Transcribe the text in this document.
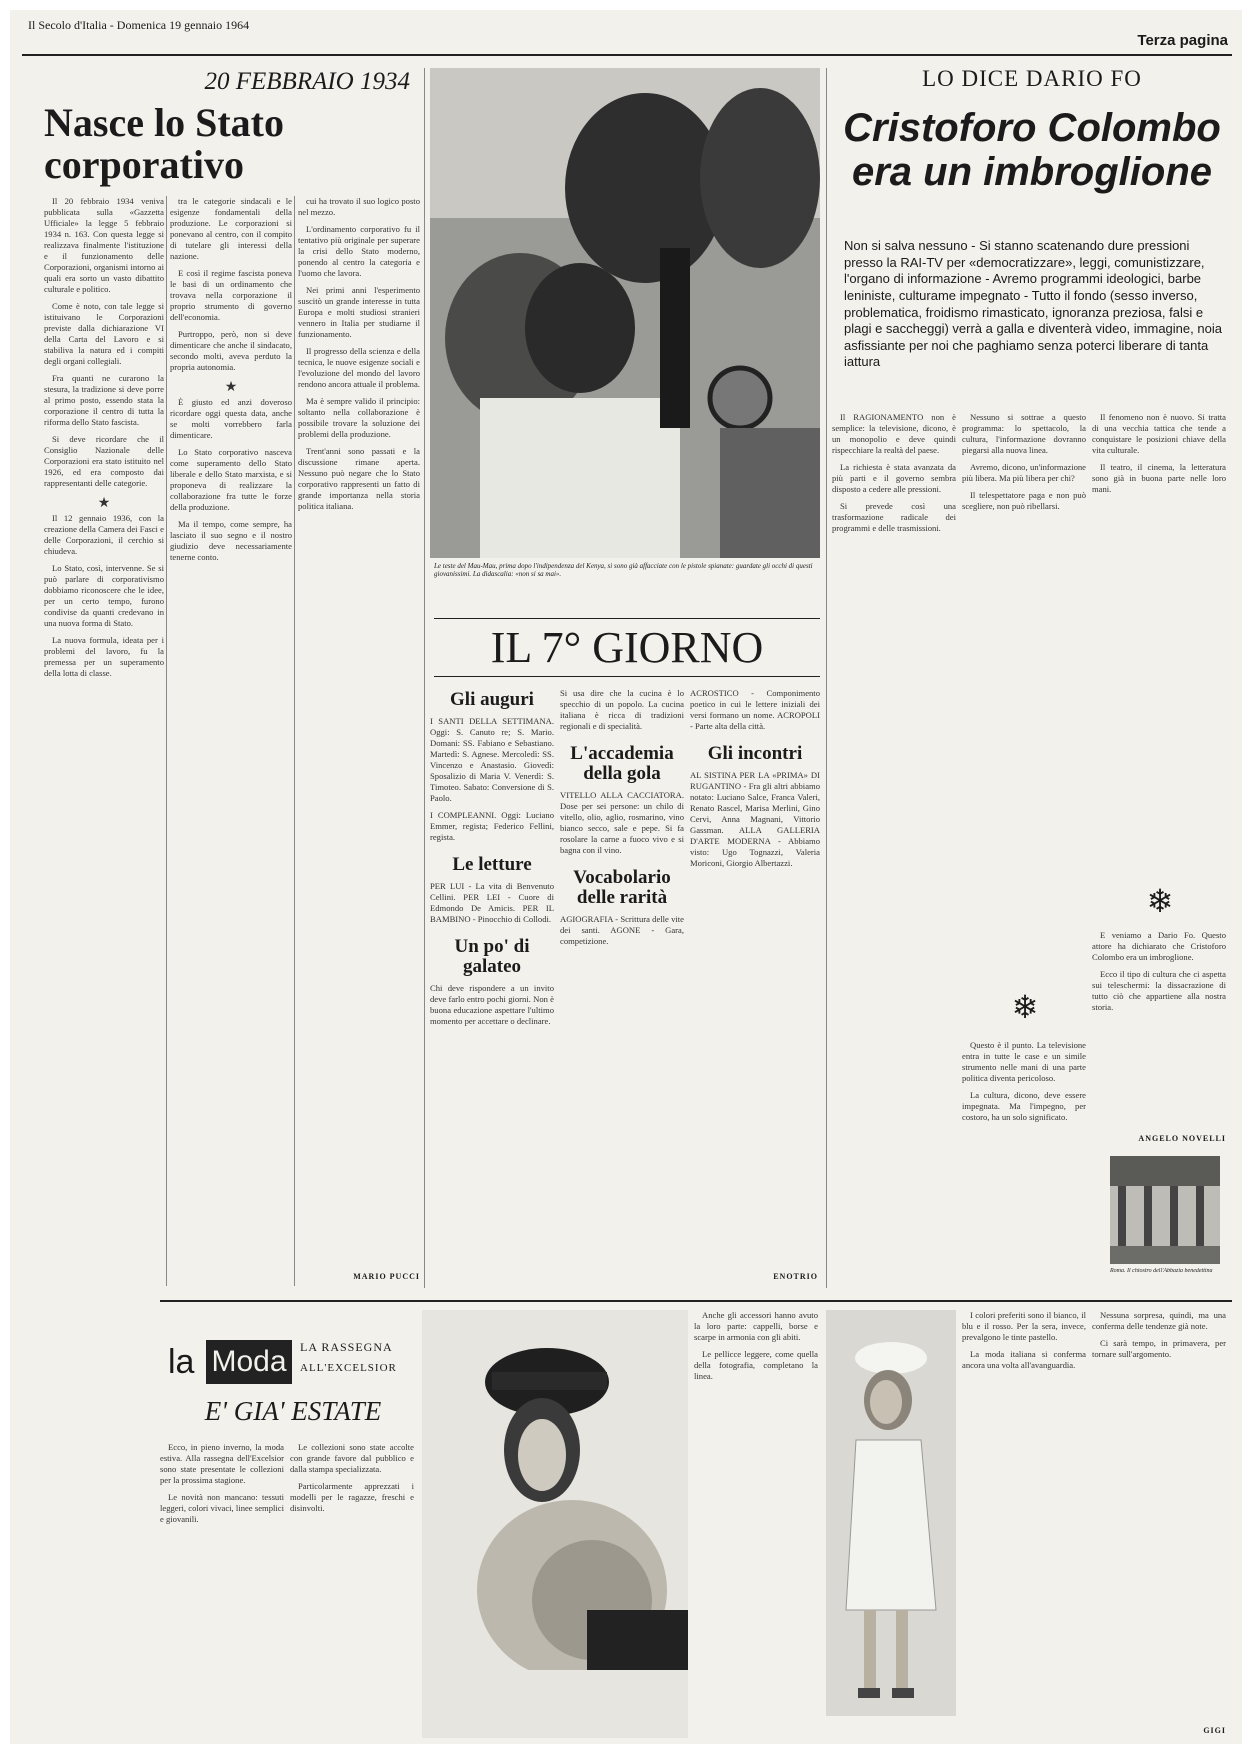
Il Secolo d'Italia - Domenica 19 gennaio 1964
Terza pagina
20 FEBBRAIO 1934
Nasce lo Stato corporativo

Il 20 febbraio 1934 veniva pubblicata sulla «Gazzetta Ufficiale» la legge 5 febbraio 1934 n. 163. Con questa legge si realizzava finalmente l'istituzione e il funzionamento delle Corporazioni, organismi intorno ai quali era sorto un vasto dibattito culturale e politico.

Come è noto, con tale legge si istituivano le Corporazioni previste dalla dichiarazione VI della Carta del Lavoro e si stabiliva la natura ed i compiti degli organi collegiali.

Fra quanti ne curarono la stesura, la tradizione si deve porre al primo posto, essendo stata la corporazione il centro di tutta la riforma dello Stato fascista.

Si deve ricordare che il Consiglio Nazionale delle Corporazioni era stato istituito nel 1926, ed era composto dai rappresentanti delle categorie.

★

Il 12 gennaio 1936, con la creazione della Camera dei Fasci e delle Corporazioni, il cerchio si chiudeva.

Lo Stato, così, intervenne. Se si può parlare di corporativismo dobbiamo riconoscere che le idee, per un certo tempo, furono condivise da quanti credevano in una nuova forma di Stato.

La nuova formula, ideata per i problemi del lavoro, fu la premessa per un superamento della lotta di classe.

tra le categorie sindacali e le esigenze fondamentali della produzione. Le corporazioni si ponevano al centro, con il compito di tutelare gli interessi della nazione.

E così il regime fascista poneva le basi di un ordinamento che trovava nella corporazione il proprio strumento di governo dell'economia.

Purtroppo, però, non si deve dimenticare che anche il sindacato, secondo molti, aveva perduto la propria autonomia.

★

È giusto ed anzi doveroso ricordare oggi questa data, anche se molti vorrebbero farla dimenticare.

Lo Stato corporativo nasceva come superamento dello Stato liberale e dello Stato marxista, e si proponeva di realizzare la collaborazione fra tutte le forze della produzione.

Ma il tempo, come sempre, ha lasciato il suo segno e il nostro giudizio deve necessariamente tenerne conto.

cui ha trovato il suo logico posto nel mezzo.

L'ordinamento corporativo fu il tentativo più originale per superare la crisi dello Stato moderno, ponendo al centro la categoria e l'uomo che lavora.

Nei primi anni l'esperimento suscitò un grande interesse in tutta Europa e molti studiosi stranieri vennero in Italia per studiarne il funzionamento.

Il progresso della scienza e della tecnica, le nuove esigenze sociali e l'evoluzione del mondo del lavoro rendono ancora attuale il problema.

Ma è sempre valido il principio: soltanto nella collaborazione è possibile trovare la soluzione dei problemi della produzione.

Trent'anni sono passati e la discussione rimane aperta. Nessuno può negare che lo Stato corporativo rappresenti un fatto di grande importanza nella storia politica italiana.

MARIO PUCCI
Le teste del Mau-Mau, prima dopo l'indipendenza del Kenya, si sono già affacciate con le pistole spianate: guardate gli occhi di questi giovanissimi. La didascalia: «non si sa mai».
LO DICE DARIO FO
Cristoforo Colombo era un imbroglione
Non si salva nessuno - Si stanno scatenando dure pressioni presso la RAI-TV per «democratizzare», leggi, comunistizzare, l'organo di informazione - Avremo programmi ideologici, barbe leniniste, culturame impegnato - Tutto il fondo (sesso inverso, problematica, froidismo rimasticato, ignoranza preziosa, falsi e plagi e saccheggi) verrà a galla e diventerà video, immagine, noia asfissiante per noi che paghiamo senza poterci liberare di tanta iattura

Il RAGIONAMENTO non è semplice: la televisione, dicono, è un monopolio e deve quindi rispecchiare la realtà del paese.

La richiesta è stata avanzata da più parti e il governo sembra disposto a cedere alle pressioni.

Si prevede così una trasformazione radicale dei programmi e delle trasmissioni.

Nessuno si sottrae a questo programma: lo spettacolo, la cultura, l'informazione dovranno piegarsi alla nuova linea.

Avremo, dicono, un'informazione più libera. Ma più libera per chi?

Il telespettatore paga e non può scegliere, non può ribellarsi.

❄

Questo è il punto. La televisione entra in tutte le case e un simile strumento nelle mani di una parte politica diventa pericoloso.

La cultura, dicono, deve essere impegnata. Ma l'impegno, per costoro, ha un solo significato.

Il fenomeno non è nuovo. Si tratta di una vecchia tattica che tende a conquistare le posizioni chiave della vita culturale.

Il teatro, il cinema, la letteratura sono già in buona parte nelle loro mani.

❄

E veniamo a Dario Fo. Questo attore ha dichiarato che Cristoforo Colombo era un imbroglione.

Ecco il tipo di cultura che ci aspetta sui teleschermi: la dissacrazione di tutto ciò che appartiene alla nostra storia.

ANGELO NOVELLI
Roma. Il chiostro dell'Abbazia benedettina
IL 7° GIORNO
Gli auguri
I SANTI DELLA SETTIMANA. Oggi: S. Canuto re; S. Mario. Domani: SS. Fabiano e Sebastiano. Martedì: S. Agnese. Mercoledì: SS. Vincenzo e Anastasio. Giovedì: Sposalizio di Maria V. Venerdì: S. Timoteo. Sabato: Conversione di S. Paolo.
I COMPLEANNI. Oggi: Luciano Emmer, regista; Federico Fellini, regista.
Le letture
PER LUI - La vita di Benvenuto Cellini. PER LEI - Cuore di Edmondo De Amicis. PER IL BAMBINO - Pinocchio di Collodi.
Un po' di galateo
Chi deve rispondere a un invito deve farlo entro pochi giorni. Non è buona educazione aspettare l'ultimo momento per accettare o declinare.
Si usa dire che la cucina è lo specchio di un popolo. La cucina italiana è ricca di tradizioni regionali e di specialità.
L'accademia della gola
VITELLO ALLA CACCIATORA. Dose per sei persone: un chilo di vitello, olio, aglio, rosmarino, vino bianco secco, sale e pepe. Si fa rosolare la carne a fuoco vivo e si bagna con il vino.
Vocabolario delle rarità
AGIOGRAFIA - Scrittura delle vite dei santi. AGONE - Gara, competizione.
ACROSTICO - Componimento poetico in cui le lettere iniziali dei versi formano un nome. ACROPOLI - Parte alta della città.
Gli incontri
AL SISTINA PER LA «PRIMA» DI RUGANTINO - Fra gli altri abbiamo notato: Luciano Salce, Franca Valeri, Renato Rascel, Marisa Merlini, Gino Cervi, Anna Magnani, Vittorio Gassman. ALLA GALLERIA D'ARTE MODERNA - Abbiamo visto: Ugo Tognazzi, Valeria Moriconi, Giorgio Albertazzi.
ENOTRIO
la Moda	LA RASSEGNA
ALL'EXCELSIOR
E' GIA' ESTATE

Ecco, in pieno inverno, la moda estiva. Alla rassegna dell'Excelsior sono state presentate le collezioni per la prossima stagione.

Le novità non mancano: tessuti leggeri, colori vivaci, linee semplici e giovanili.

Le collezioni sono state accolte con grande favore dal pubblico e dalla stampa specializzata.

Particolarmente apprezzati i modelli per le ragazze, freschi e disinvolti.

Anche gli accessori hanno avuto la loro parte: cappelli, borse e scarpe in armonia con gli abiti.

Le pellicce leggere, come quella della fotografia, completano la linea.

I colori preferiti sono il bianco, il blu e il rosso. Per la sera, invece, prevalgono le tinte pastello.

La moda italiana si conferma ancora una volta all'avanguardia.

Nessuna sorpresa, quindi, ma una conferma delle tendenze già note.

Ci sarà tempo, in primavera, per tornare sull'argomento.

GIGI
